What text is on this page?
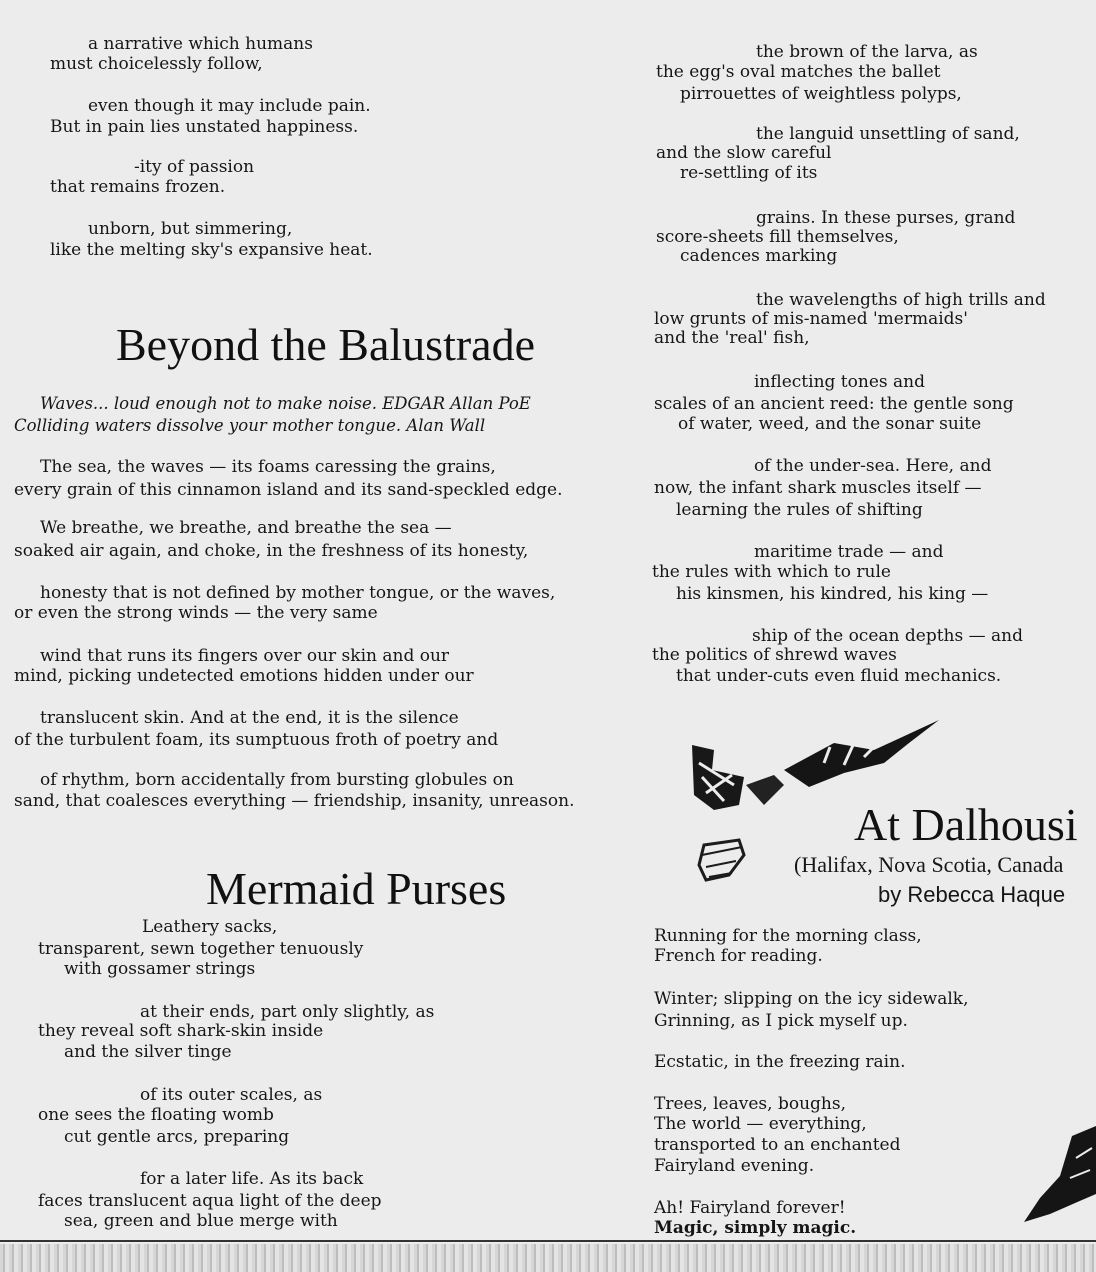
a narrative which humans
must choicelessly follow,
even though it may include pain.
But in pain lies unstated happiness.
-ity of passion
that remains frozen.
unborn, but simmering,
like the melting sky's expansive heat.
Beyond the Balustrade
Waves... loud enough not to make noise. EDGAR Allan PoE
Colliding waters dissolve your mother tongue. Alan Wall
The sea, the waves — its foams caressing the grains,
every grain of this cinnamon island and its sand-speckled edge.
We breathe, we breathe, and breathe the sea —
soaked air again, and choke, in the freshness of its honesty,
honesty that is not defined by mother tongue, or the waves,
or even the strong winds — the very same
wind that runs its fingers over our skin and our
mind, picking undetected emotions hidden under our
translucent skin. And at the end, it is the silence
of the turbulent foam, its sumptuous froth of poetry and
of rhythm, born accidentally from bursting globules on
sand, that coalesces everything — friendship, insanity, unreason.
Mermaid Purses
Leathery sacks,
transparent, sewn together tenuously
with gossamer strings
at their ends, part only slightly, as
they reveal soft shark-skin inside
and the silver tinge
of its outer scales, as
one sees the floating womb
cut gentle arcs, preparing
for a later life. As its back
faces translucent aqua light of the deep
sea, green and blue merge with
the brown of the larva, as
the egg's oval matches the ballet
pirrouettes of weightless polyps,
the languid unsettling of sand,
and the slow careful
re-settling of its
grains. In these purses, grand
score-sheets fill themselves,
cadences marking
the wavelengths of high trills and
low grunts of mis-named 'mermaids'
and the 'real' fish,
inflecting tones and
scales of an ancient reed: the gentle song
of water, weed, and the sonar suite
of the under-sea. Here, and
now, the infant shark muscles itself —
learning the rules of shifting
maritime trade — and
the rules with which to rule
his kinsmen, his kindred, his king —
ship of the ocean depths — and
the politics of shrewd waves
that under-cuts even fluid mechanics.
At Dalhousi
(Halifax, Nova Scotia, Canada
by Rebecca Haque
Running for the morning class,
French for reading.
Winter; slipping on the icy sidewalk,
Grinning, as I pick myself up.
Ecstatic, in the freezing rain.
Trees, leaves, boughs,
The world — everything,
transported to an enchanted
Fairyland evening.
Ah! Fairyland forever!
Magic, simply magic.
